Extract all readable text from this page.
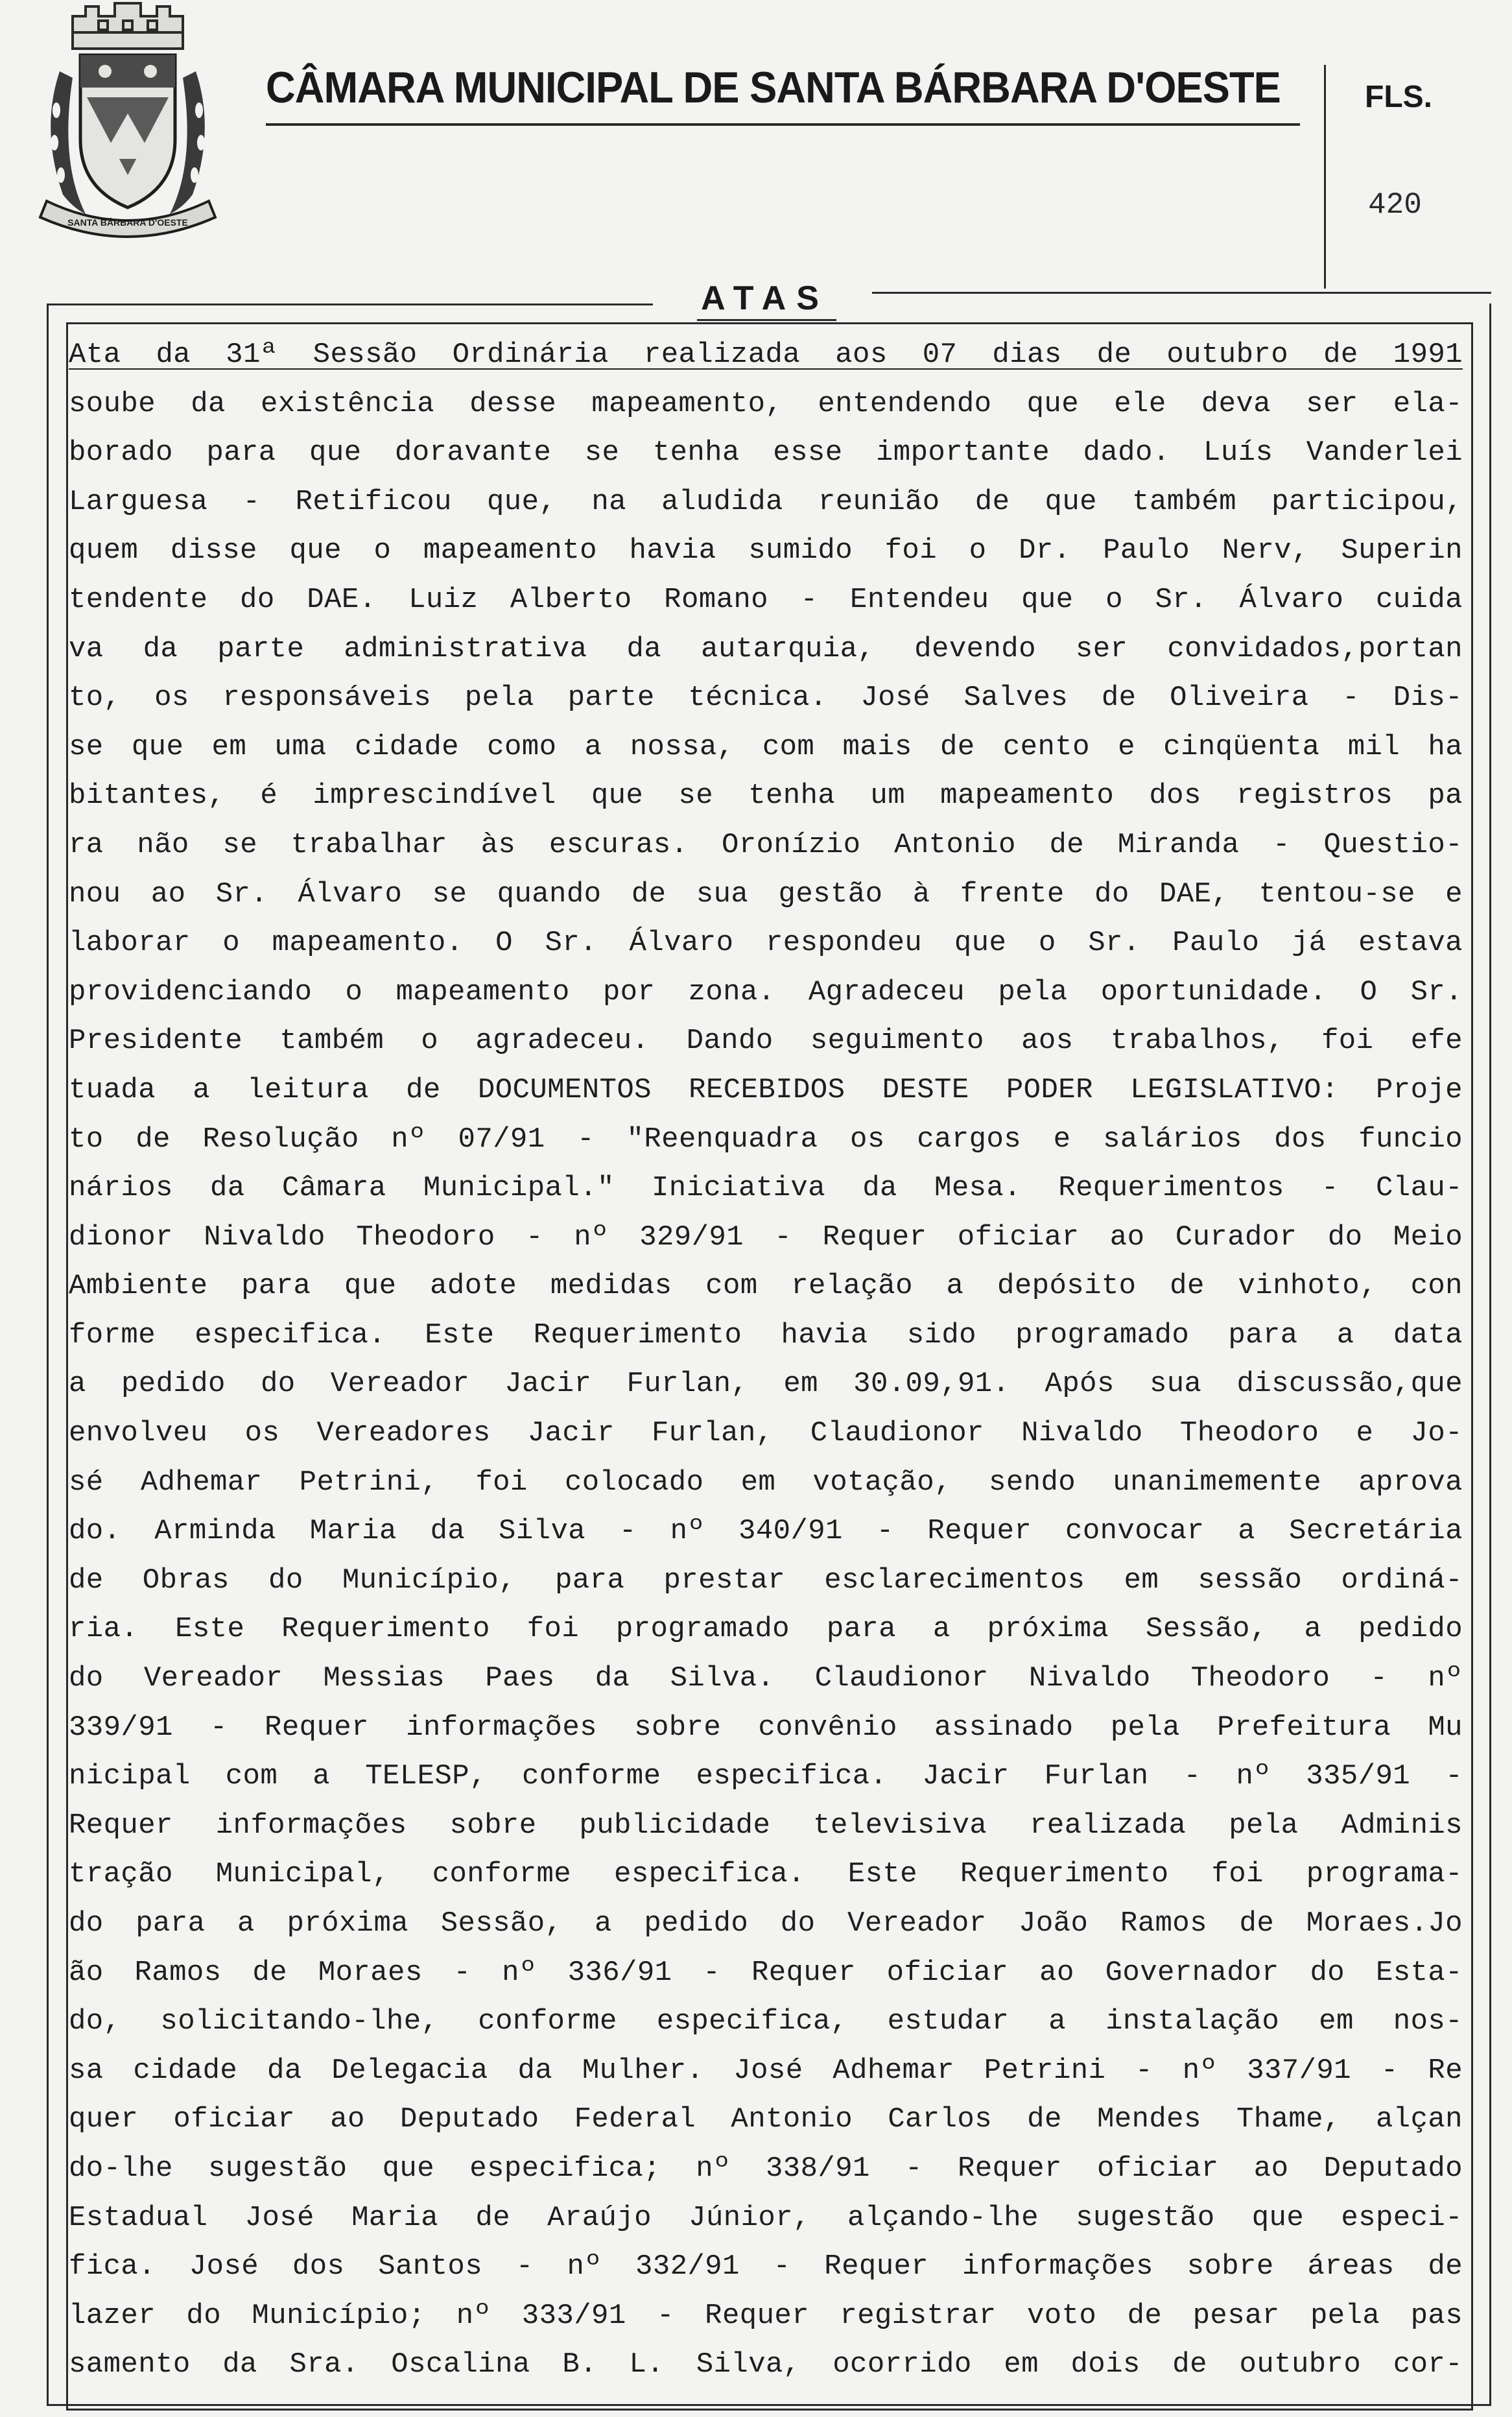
SANTA BÁRBARA D'OESTE
CÂMARA MUNICIPAL DE SANTA BÁRBARA D'OESTE	FLS.
420
ATAS
Ata da 31ª Sessão Ordinária realizada aos 07 dias de outubro de 1991
soube da existência desse mapeamento, entendendo que ele deva ser ela-
borado para que doravante se tenha esse importante dado. Luís Vanderlei
Larguesa - Retificou que, na aludida reunião de que também participou,
quem disse que o mapeamento havia sumido foi o Dr. Paulo Nerv, Superin
tendente do DAE. Luiz Alberto Romano - Entendeu que o Sr. Álvaro cuida
va da parte administrativa da autarquia, devendo ser convidados,portan
to, os responsáveis pela parte técnica. José Salves de Oliveira - Dis-
se que em uma cidade como a nossa, com mais de cento e cinqüenta mil ha
bitantes, é imprescindível que se tenha um mapeamento dos registros pa
ra não se trabalhar às escuras. Oronízio Antonio de Miranda - Questio-
nou ao Sr. Álvaro se quando de sua gestão à frente do DAE, tentou-se e
laborar o mapeamento. O Sr. Álvaro respondeu que o Sr. Paulo já estava
providenciando o mapeamento por zona. Agradeceu pela oportunidade. O Sr.
Presidente também o agradeceu. Dando seguimento aos trabalhos, foi efe
tuada a leitura de DOCUMENTOS RECEBIDOS DESTE PODER LEGISLATIVO: Proje
to de Resolução nº 07/91 - "Reenquadra os cargos e salários dos funcio
nários da Câmara Municipal." Iniciativa da Mesa. Requerimentos - Clau-
dionor Nivaldo Theodoro - nº 329/91 - Requer oficiar ao Curador do Meio
Ambiente para que adote medidas com relação a depósito de vinhoto, con
forme especifica. Este Requerimento havia sido programado para a data
a pedido do Vereador Jacir Furlan, em 30.09,91. Após sua discussão,que
envolveu os Vereadores Jacir Furlan, Claudionor Nivaldo Theodoro e Jo-
sé Adhemar Petrini, foi colocado em votação, sendo unanimemente aprova
do. Arminda Maria da Silva - nº 340/91 - Requer convocar a Secretária
de Obras do Município, para prestar esclarecimentos em sessão ordiná-
ria. Este Requerimento foi programado para a próxima Sessão, a pedido
do Vereador Messias Paes da Silva. Claudionor Nivaldo Theodoro - nº
339/91 - Requer informações sobre convênio assinado pela Prefeitura Mu
nicipal com a TELESP, conforme especifica. Jacir Furlan - nº 335/91 -
Requer informações sobre publicidade televisiva realizada pela Adminis
tração Municipal, conforme especifica. Este Requerimento foi programa-
do para a próxima Sessão, a pedido do Vereador João Ramos de Moraes.Jo
ão Ramos de Moraes - nº 336/91 - Requer oficiar ao Governador do Esta-
do, solicitando-lhe, conforme especifica, estudar a instalação em nos-
sa cidade da Delegacia da Mulher. José Adhemar Petrini - nº 337/91 - Re
quer oficiar ao Deputado Federal Antonio Carlos de Mendes Thame, alçan
do-lhe sugestão que especifica; nº 338/91 - Requer oficiar ao Deputado
Estadual José Maria de Araújo Júnior, alçando-lhe sugestão que especi-
fica. José dos Santos - nº 332/91 - Requer informações sobre áreas de
lazer do Município; nº 333/91 - Requer registrar voto de pesar pela pas
samento da Sra. Oscalina B. L. Silva, ocorrido em dois de outubro cor-
